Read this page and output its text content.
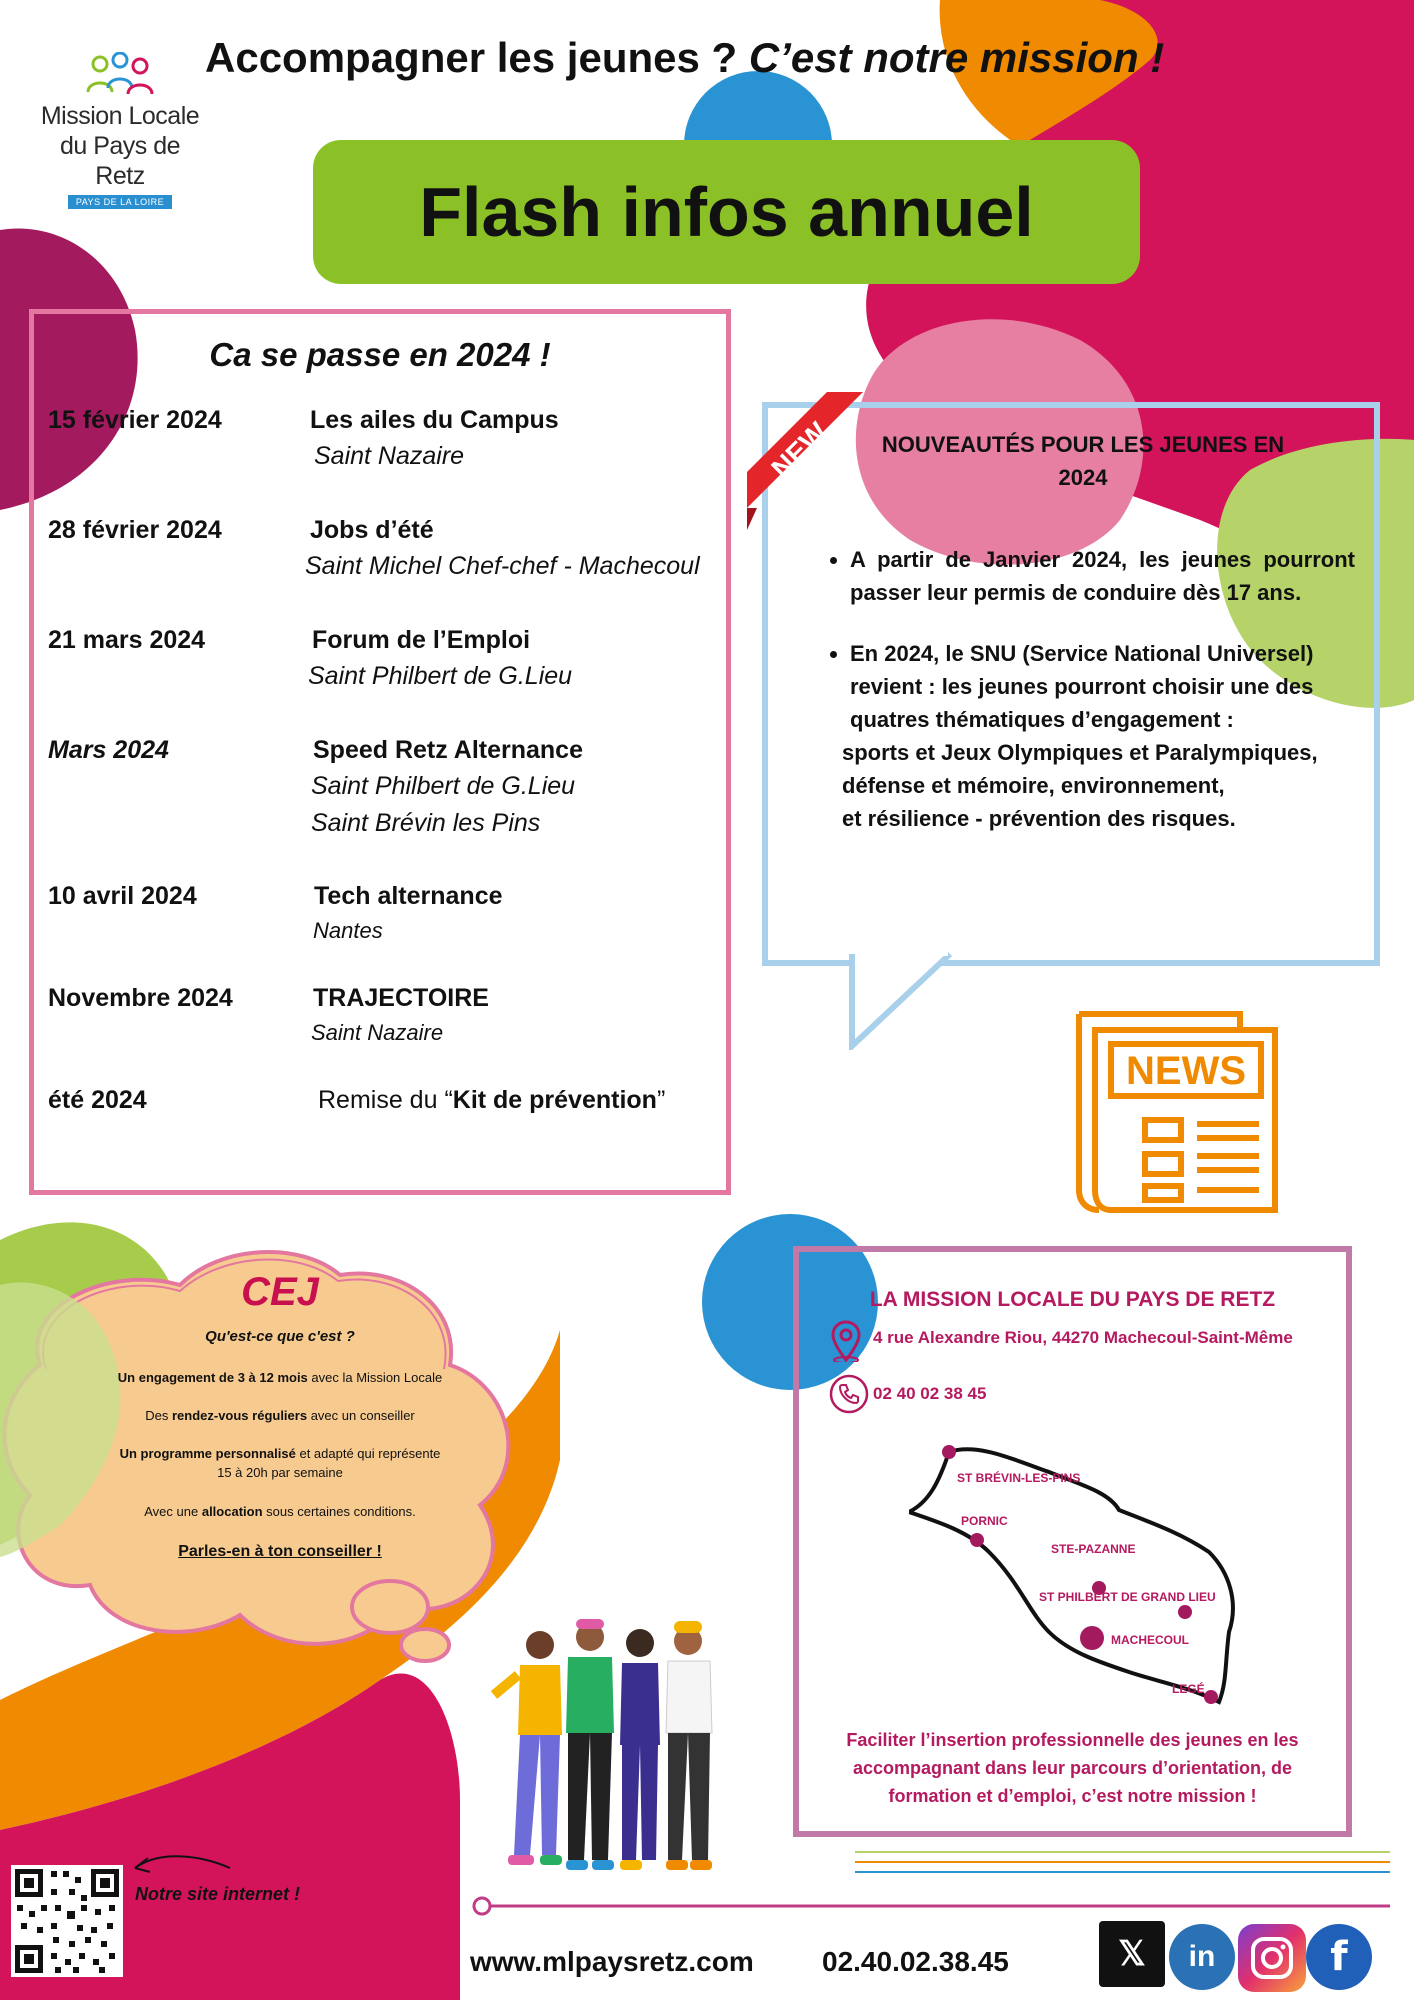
Accompagner les jeunes ? C’est notre mission !
Mission Locale
du Pays de Retz
PAYS DE LA LOIRE	Flash infos annuel
Ca se passe en 2024 !
15 février 2024	Les ailes du Campus
Saint Nazaire
28 février 2024	Jobs d’été
Saint Michel Chef-chef - Machecoul
21 mars 2024	Forum de l’Emploi
Saint Philbert de G.Lieu
Mars 2024	Speed Retz Alternance
Saint Philbert de G.Lieu
Saint Brévin les Pins
10 avril 2024	Tech alternance
Nantes
Novembre 2024	TRAJECTOIRE
Saint Nazaire
été 2024	Remise du “Kit de prévention”
NOUVEAUTÉS POUR LES JEUNES EN
2024
• A partir de Janvier 2024, les jeunes pourront passer leur permis de conduire dès 17 ans.
• En 2024, le SNU (Service National Universel) revient : les jeunes pourront choisir une des quatres thématiques d’engagement :
sports et Jeux Olympiques et Paralympiques,
défense et mémoire, environnement,
et résilience - prévention des risques.
NEW
NEWS
CEJ
Qu'est-ce que c'est ?
Un engagement de 3 à 12 mois avec la Mission Locale
Des rendez-vous réguliers avec un conseiller
Un programme personnalisé et adapté qui représente
15 à 20h par semaine
Avec une allocation sous certaines conditions.
Parles-en à ton conseiller !
LA MISSION LOCALE DU PAYS DE RETZ
4 rue Alexandre Riou, 44270 Machecoul-Saint-Même
02 40 02 38 45
ST BRÉVIN-LES-PINS
PORNIC
STE-PAZANNE
ST PHILBERT DE GRAND LIEU
MACHECOUL
LEGÉ
Faciliter l’insertion professionnelle des jeunes en les
accompagnant dans leur parcours d’orientation, de
formation et d’emploi, c’est notre mission !
Notre site internet !
www.mlpaysretz.com 02.40.02.38.45	𝕏	in	f
